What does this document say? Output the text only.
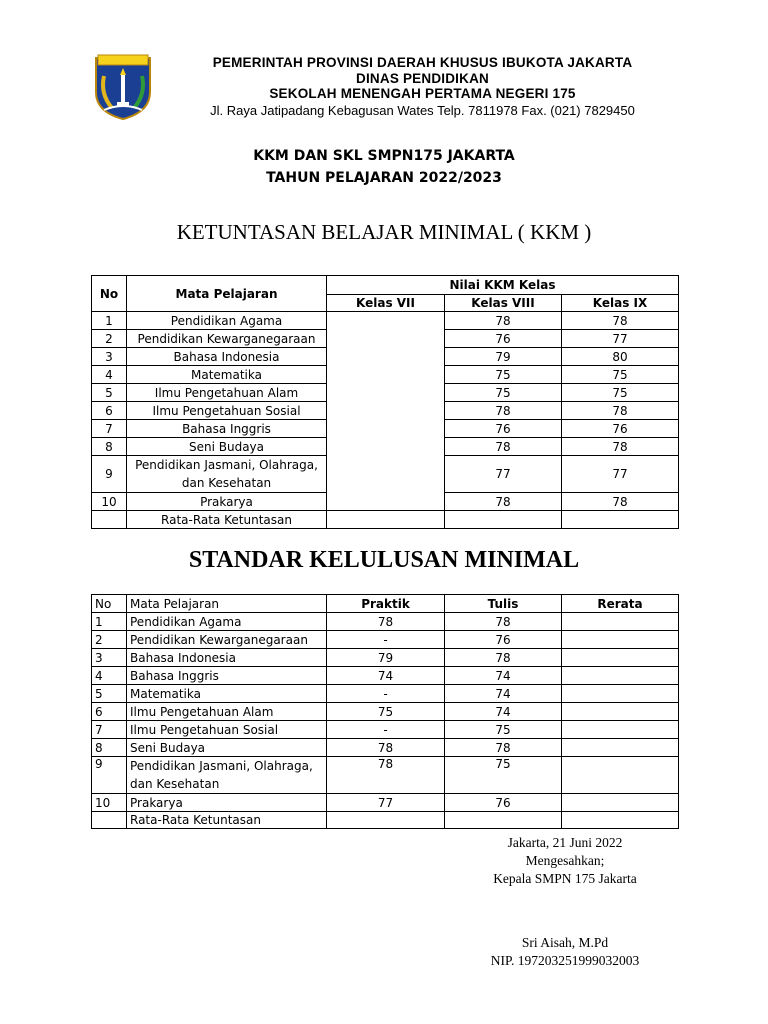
PEMERINTAH PROVINSI DAERAH KHUSUS IBUKOTA JAKARTA
DINAS PENDIDIKAN
SEKOLAH MENENGAH PERTAMA NEGERI 175
Jl. Raya Jatipadang Kebagusan Wates Telp. 7811978 Fax. (021) 7829450
KKM DAN SKL SMPN175 JAKARTA
TAHUN PELAJARAN 2022/2023
KETUNTASAN BELAJAR MINIMAL ( KKM )
No	Mata Pelajaran	Nilai KKM Kelas		
		Kelas VII	Kelas VIII	Kelas IX
1	Pendidikan Agama		78	78
2	Pendidikan Kewarganegaraan		76	77
3	Bahasa Indonesia		79	80
4	Matematika		75	75
5	Ilmu Pengetahuan Alam		75	75
6	Ilmu Pengetahuan Sosial		78	78
7	Bahasa Inggris		76	76
8	Seni Budaya		78	78
9	Pendidikan Jasmani, Olahraga, dan Kesehatan		77	77
10	Prakarya		78	78
	Rata-Rata Ketuntasan			
STANDAR KELULUSAN MINIMAL
No	Mata Pelajaran	Praktik	Tulis	Rerata
1	Pendidikan Agama	78	78	
2	Pendidikan Kewarganegaraan	-	76	
3	Bahasa Indonesia	79	78	
4	Bahasa Inggris	74	74	
5	Matematika	-	74	
6	Ilmu Pengetahuan Alam	75	74	
7	Ilmu Pengetahuan Sosial	-	75	
8	Seni Budaya	78	78	
9	Pendidikan Jasmani, Olahraga, dan Kesehatan	78	75	
10	Prakarya	77	76	
	Rata-Rata Ketuntasan			
Jakarta, 21 Juni 2022
Mengesahkan;
Kepala SMPN 175 Jakarta
Sri Aisah, M.Pd
NIP. 197203251999032003
